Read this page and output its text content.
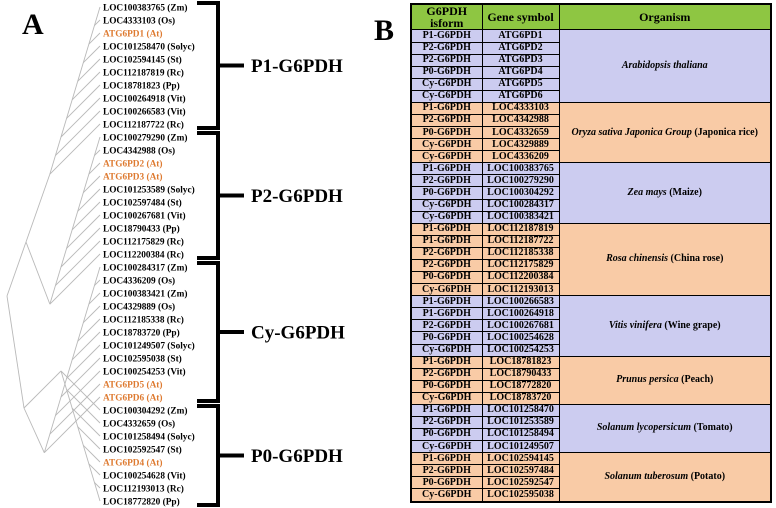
A	B
LOC100383765 (Zm)
LOC4333103 (Os)
ATG6PD1 (At)
LOC101258470 (Solyc)
LOC102594145 (St)
LOC112187819 (Rc)
LOC18781823 (Pp)
LOC100264918 (Vit)
LOC100266583 (Vit)
LOC112187722 (Rc)
LOC100279290 (Zm)
LOC4342988 (Os)
ATG6PD2 (At)
ATG6PD3 (At)
LOC101253589 (Solyc)
LOC102597484 (St)
LOC100267681 (Vit)
LOC18790433 (Pp)
LOC112175829 (Rc)
LOC112200384 (Rc)
LOC100284317 (Zm)
LOC4336209 (Os)
LOC100383421 (Zm)
LOC4329889 (Os)
LOC112185338 (Rc)
LOC18783720 (Pp)
LOC101249507 (Solyc)
LOC102595038 (St)
LOC100254253 (Vit)
ATG6PD5 (At)
ATG6PD6 (At)
LOC100304292 (Zm)
LOC4332659 (Os)
LOC101258494 (Solyc)
LOC102592547 (St)
ATG6PD4 (At)
LOC100254628 (Vit)
LOC112193013 (Rc)
LOC18772820 (Pp)
P1-G6PDH
P2-G6PDH
Cy-G6PDH
P0-G6PDH
G6PDH isform	Gene symbol	Organism
P1-G6PDH	ATG6PD1	Arabidopsis thaliana
P2-G6PDH	ATG6PD2	
P2-G6PDH	ATG6PD3	
P0-G6PDH	ATG6PD4	
Cy-G6PDH	ATG6PD5	
Cy-G6PDH	ATG6PD6	
P1-G6PDH	LOC4333103	Oryza sativa Japonica Group (Japonica rice)
P2-G6PDH	LOC4342988	
P0-G6PDH	LOC4332659	
Cy-G6PDH	LOC4329889	
Cy-G6PDH	LOC4336209	
P1-G6PDH	LOC100383765	Zea mays (Maize)
P2-G6PDH	LOC100279290	
P0-G6PDH	LOC100304292	
Cy-G6PDH	LOC100284317	
Cy-G6PDH	LOC100383421	
P1-G6PDH	LOC112187819	Rosa chinensis (China rose)
P1-G6PDH	LOC112187722	
P2-G6PDH	LOC112185338	
P2-G6PDH	LOC112175829	
P0-G6PDH	LOC112200384	
Cy-G6PDH	LOC112193013	
P1-G6PDH	LOC100266583	Vitis vinifera (Wine grape)
P1-G6PDH	LOC100264918	
P2-G6PDH	LOC100267681	
P0-G6PDH	LOC100254628	
Cy-G6PDH	LOC100254253	
P1-G6PDH	LOC18781823	Prunus persica (Peach)
P2-G6PDH	LOC18790433	
P0-G6PDH	LOC18772820	
Cy-G6PDH	LOC18783720	
P1-G6PDH	LOC101258470	Solanum lycopersicum (Tomato)
P2-G6PDH	LOC101253589	
P0-G6PDH	LOC101258494	
Cy-G6PDH	LOC101249507	
P1-G6PDH	LOC102594145	Solanum tuberosum (Potato)
P2-G6PDH	LOC102597484	
P0-G6PDH	LOC102592547	
Cy-G6PDH	LOC102595038	
